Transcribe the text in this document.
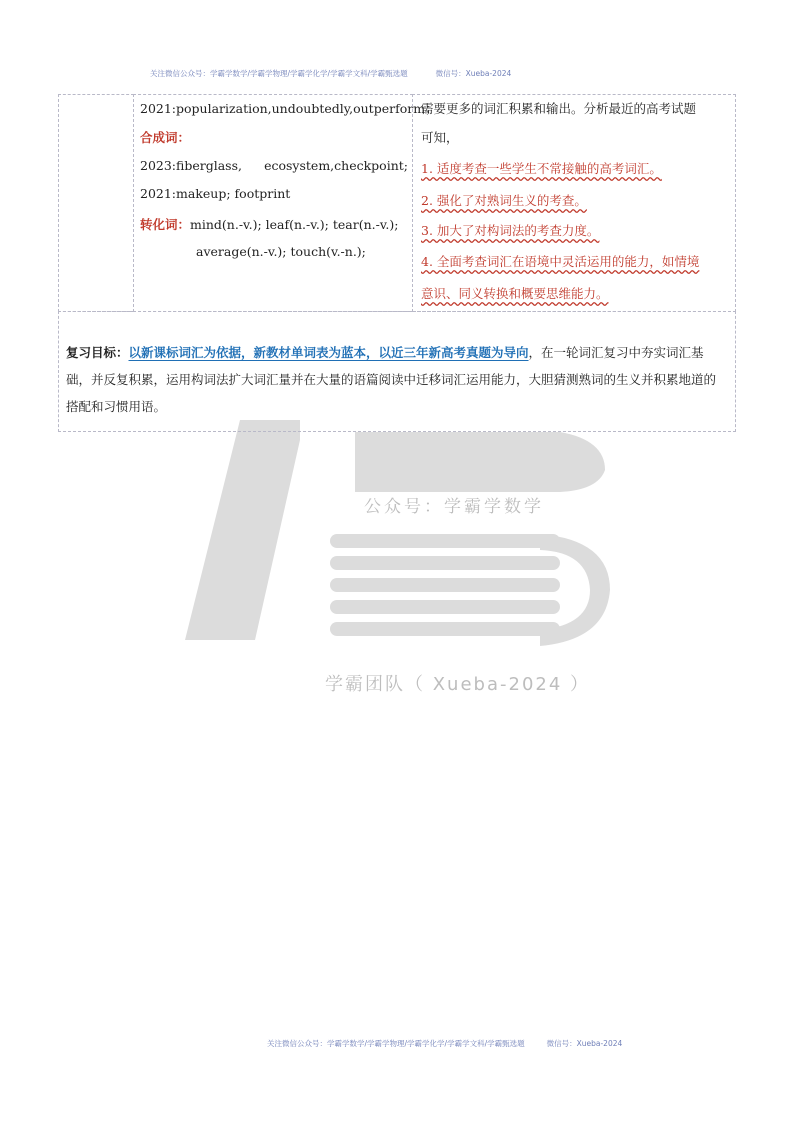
关注微信公众号：学霸学数学/学霸学物理/学霸学化学/学霸学文科/学霸甄选题	微信号：Xueba-2024
公众号：学霸学数学
学霸团队（ Xueba-2024 ）
2021:popularization,undoubtedly,outperform；
合成词：
2023:fiberglass, ecosystem,checkpoint;
2021:makeup; footprint
转化词：mind(n.-v.); leaf(n.-v.); tear(n.-v.);
average(n.-v.); touch(v.-n.);
需要更多的词汇积累和输出。分析最近的高考试题
可知，
1. 适度考查一些学生不常接触的高考词汇。
2. 强化了对熟词生义的考查。
3. 加大了对构词法的考查力度。
4. 全面考查词汇在语境中灵活运用的能力，如情境
意识、同义转换和概要思维能力。
复习目标：以新课标词汇为依据，新教材单词表为蓝本，以近三年新高考真题为导向，在一轮词汇复习中夯实词汇基础，并反复积累，运用构词法扩大词汇量并在大量的语篇阅读中迁移词汇运用能力，大胆猜测熟词的生义并积累地道的搭配和习惯用语。
关注微信公众号：学霸学数学/学霸学物理/学霸学化学/学霸学文科/学霸甄选题	微信号：Xueba-2024
